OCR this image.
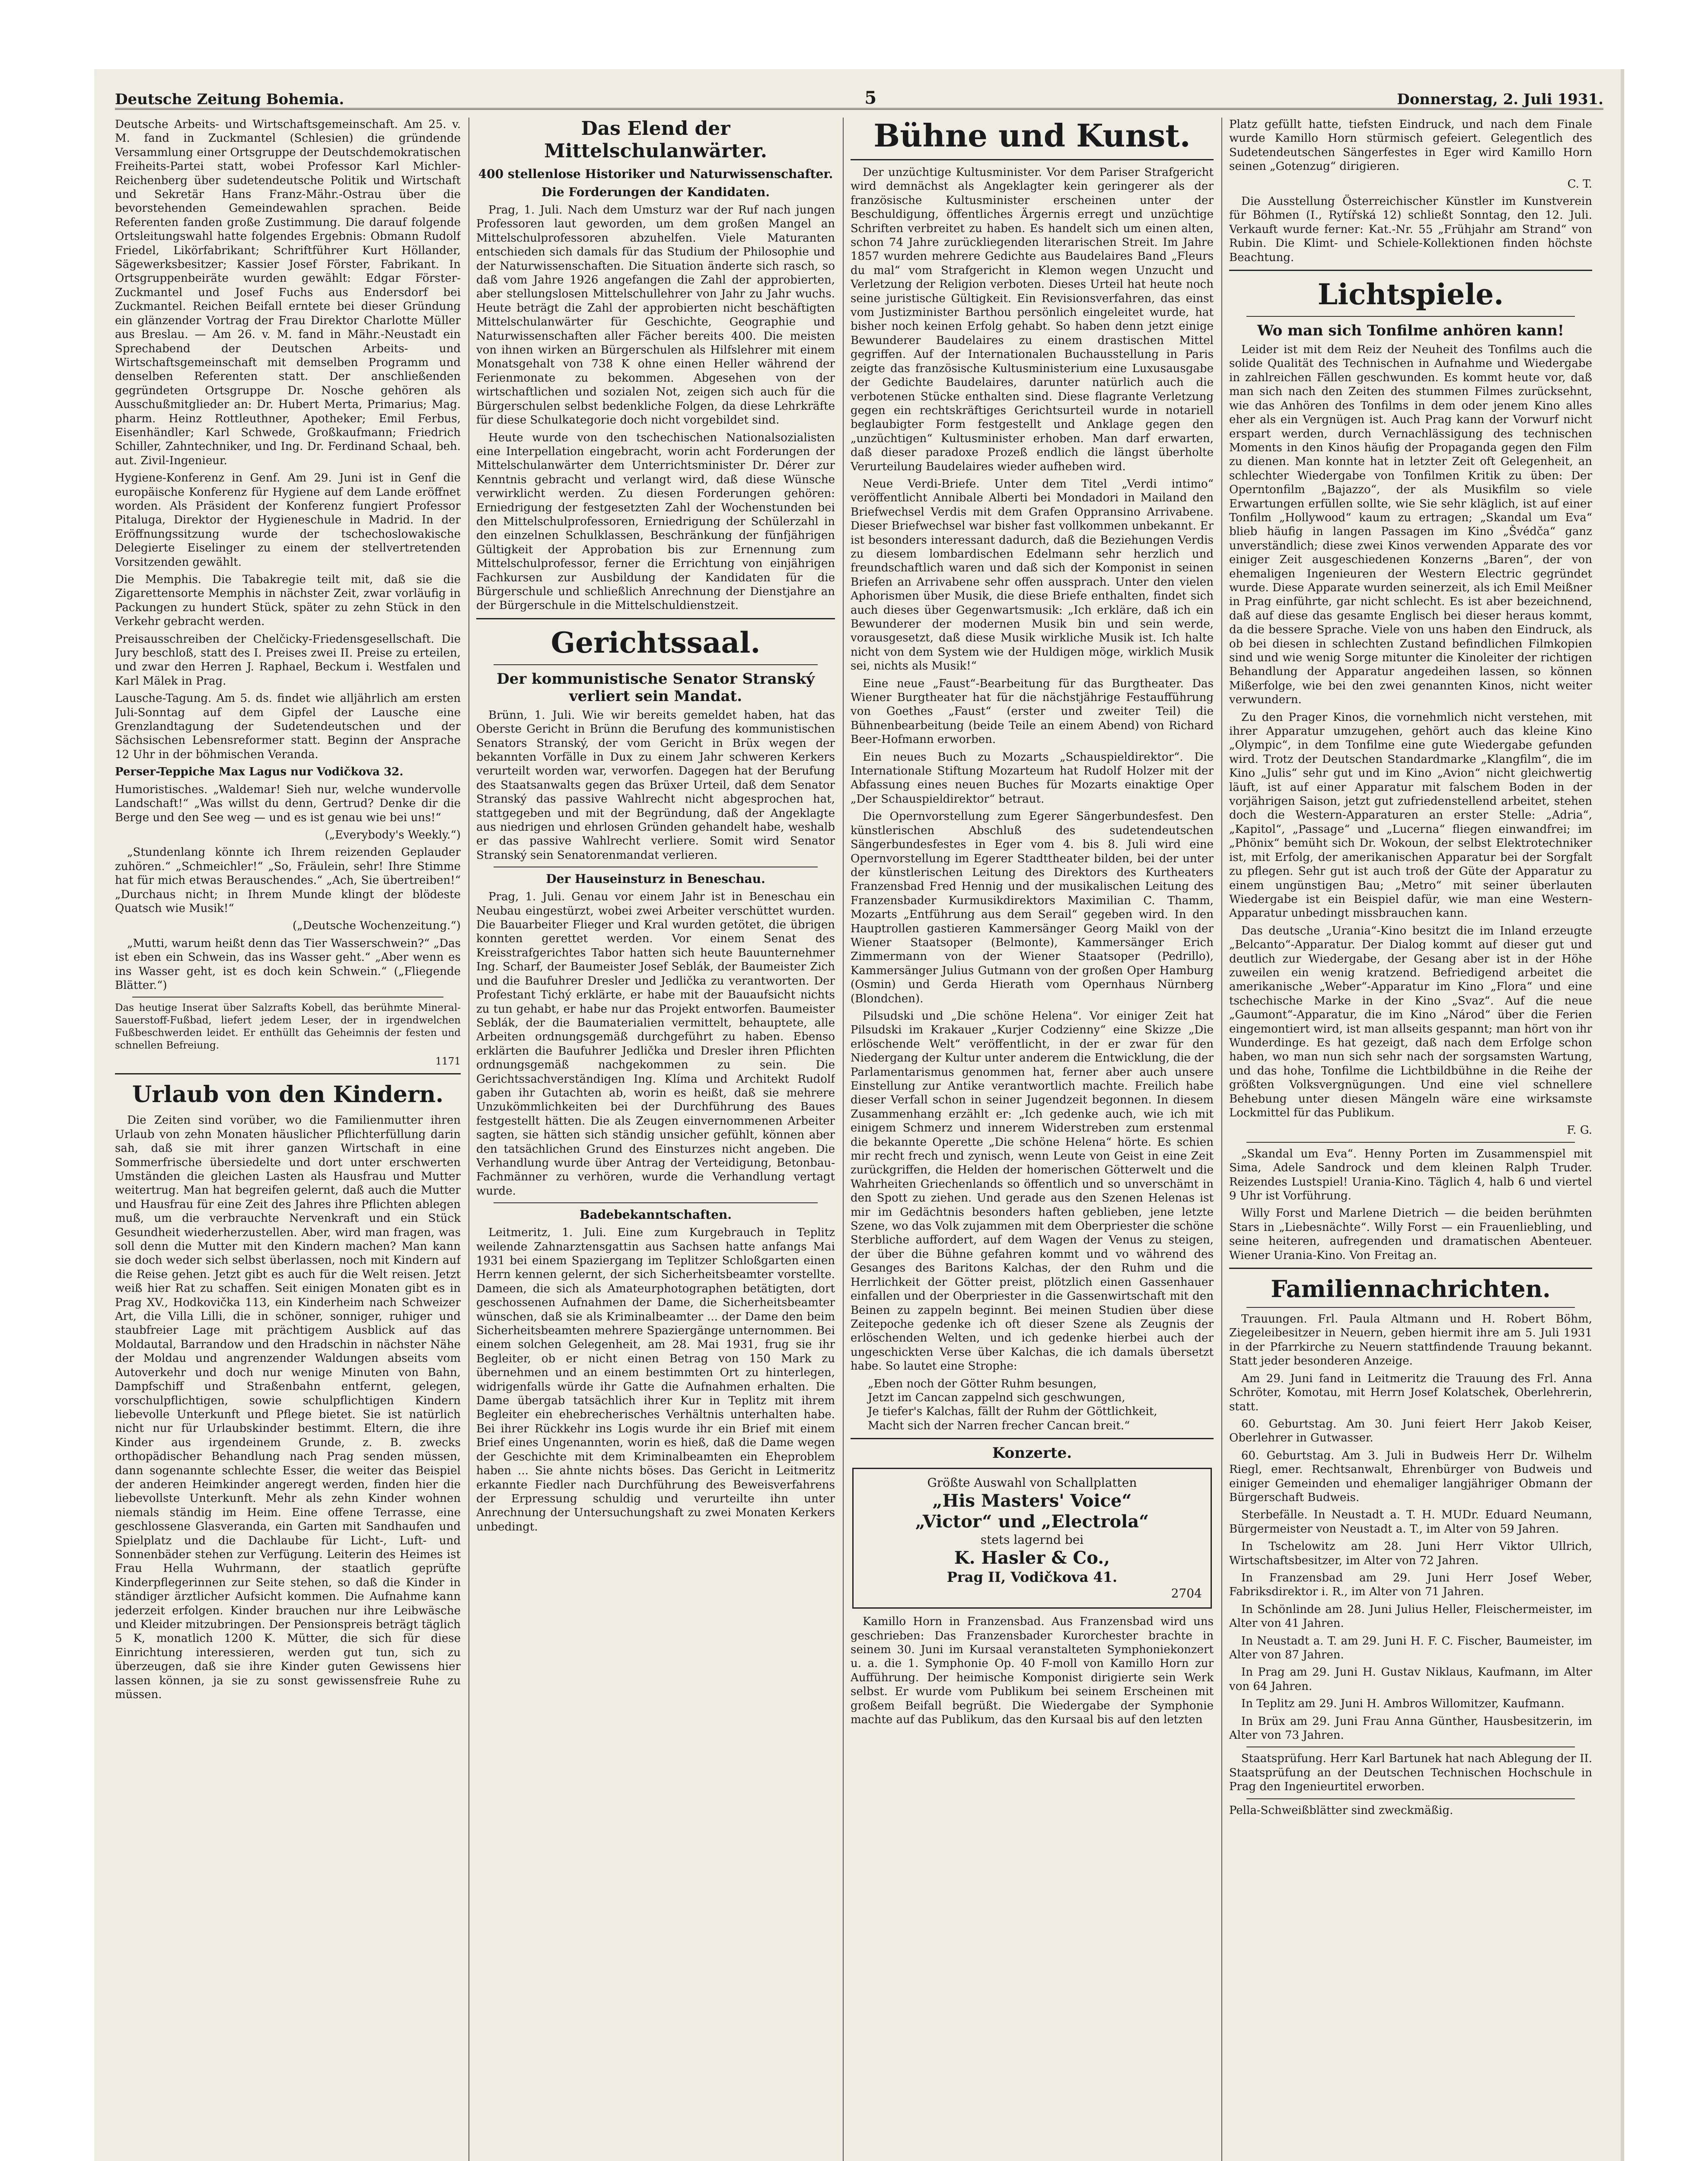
Deutsche Zeitung Bohemia.	5	Donnerstag, 2. Juli 1931.

Deutsche Arbeits- und Wirtschaftsgemeinschaft. Am 25. v. M. fand in Zuckmantel (Schlesien) die gründende Versammlung einer Ortsgruppe der Deutschdemokratischen Freiheits-Partei statt, wobei Professor Karl Michler-Reichenberg über sudetendeutsche Politik und Wirtschaft und Sekretär Hans Franz-Mähr.-Ostrau über die bevorstehenden Gemeindewahlen sprachen. Beide Referenten fanden große Zustimmung. Die darauf folgende Ortsleitungswahl hatte folgendes Ergebnis: Obmann Rudolf Friedel, Likörfabrikant; Schriftführer Kurt Höllander, Sägewerksbesitzer; Kassier Josef Förster, Fabrikant. In Ortsgruppenbeiräte wurden gewählt: Edgar Förster-Zuckmantel und Josef Fuchs aus Endersdorf bei Zuckmantel. Reichen Beifall erntete bei dieser Gründung ein glänzender Vortrag der Frau Direktor Charlotte Müller aus Breslau. — Am 26. v. M. fand in Mähr.-Neustadt ein Sprechabend der Deutschen Arbeits- und Wirtschaftsgemeinschaft mit demselben Programm und denselben Referenten statt. Der anschließenden gegründeten Ortsgruppe Dr. Nosche gehören als Ausschußmitglieder an: Dr. Hubert Merta, Primarius; Mag. pharm. Heinz Rottleuthner, Apotheker; Emil Ferbus, Eisenhändler; Karl Schwede, Großkaufmann; Friedrich Schiller, Zahntechniker, und Ing. Dr. Ferdinand Schaal, beh. aut. Zivil-Ingenieur.

Hygiene-Konferenz in Genf. Am 29. Juni ist in Genf die europäische Konferenz für Hygiene auf dem Lande eröffnet worden. Als Präsident der Konferenz fungiert Professor Pitaluga, Direktor der Hygieneschule in Madrid. In der Eröffnungssitzung wurde der tschechoslowakische Delegierte Eiselinger zu einem der stellvertretenden Vorsitzenden gewählt.

Die Memphis. Die Tabakregie teilt mit, daß sie die Zigarettensorte Memphis in nächster Zeit, zwar vorläufig in Packungen zu hundert Stück, später zu zehn Stück in den Verkehr gebracht werden.

Preisausschreiben der Chelčicky-Friedensgesellschaft. Die Jury beschloß, statt des I. Preises zwei II. Preise zu erteilen, und zwar den Herren J. Raphael, Beckum i. Westfalen und Karl Mälek in Prag.

Lausche-Tagung. Am 5. ds. findet wie alljährlich am ersten Juli-Sonntag auf dem Gipfel der Lausche eine Grenzlandtagung der Sudetendeutschen und der Sächsischen Lebensreformer statt. Beginn der Ansprache 12 Uhr in der böhmischen Veranda.

Perser-Teppiche Max Lagus nur Vodičkova 32.

Humoristisches. „Waldemar! Sieh nur, welche wundervolle Landschaft!“ „Was willst du denn, Gertrud? Denke dir die Berge und den See weg — und es ist genau wie bei uns!“

(„Everybody's Weekly.“)

„Stundenlang könnte ich Ihrem reizenden Geplauder zuhören.“ „Schmeichler!“ „So, Fräulein, sehr! Ihre Stimme hat für mich etwas Berauschendes.“ „Ach, Sie übertreiben!“ „Durchaus nicht; in Ihrem Munde klingt der blödeste Quatsch wie Musik!“

(„Deutsche Wochenzeitung.“)

„Mutti, warum heißt denn das Tier Wasserschwein?“ „Das ist eben ein Schwein, das ins Wasser geht.“ „Aber wenn es ins Wasser geht, ist es doch kein Schwein.“ („Fliegende Blätter.“)

Das heutige Inserat über Salzrafts Kobell, das berühmte Mineral-Sauerstoff-Fußbad, liefert jedem Leser, der in irgendwelchen Fußbeschwerden leidet. Er enthüllt das Geheimnis der festen und schnellen Befreiung.

1171

Urlaub von den Kindern.

Die Zeiten sind vorüber, wo die Familienmutter ihren Urlaub von zehn Monaten häuslicher Pflichterfüllung darin sah, daß sie mit ihrer ganzen Wirtschaft in eine Sommerfrische übersiedelte und dort unter erschwerten Umständen die gleichen Lasten als Hausfrau und Mutter weitertrug. Man hat begreifen gelernt, daß auch die Mutter und Hausfrau für eine Zeit des Jahres ihre Pflichten ablegen muß, um die verbrauchte Nervenkraft und ein Stück Gesundheit wiederherzustellen. Aber, wird man fragen, was soll denn die Mutter mit den Kindern machen? Man kann sie doch weder sich selbst überlassen, noch mit Kindern auf die Reise gehen. Jetzt gibt es auch für die Welt reisen. Jetzt weiß hier Rat zu schaffen. Seit einigen Monaten gibt es in Prag XV., Hodkovička 113, ein Kinderheim nach Schweizer Art, die Villa Lilli, die in schöner, sonniger, ruhiger und staubfreier Lage mit prächtigem Ausblick auf das Moldautal, Barrandow und den Hradschin in nächster Nähe der Moldau und angrenzender Waldungen abseits vom Autoverkehr und doch nur wenige Minuten von Bahn, Dampfschiff und Straßenbahn entfernt, gelegen, vorschulpflichtigen, sowie schulpflichtigen Kindern liebevolle Unterkunft und Pflege bietet. Sie ist natürlich nicht nur für Urlaubskinder bestimmt. Eltern, die ihre Kinder aus irgendeinem Grunde, z. B. zwecks orthopädischer Behandlung nach Prag senden müssen, dann sogenannte schlechte Esser, die weiter das Beispiel der anderen Heimkinder angeregt werden, finden hier die liebevollste Unterkunft. Mehr als zehn Kinder wohnen niemals ständig im Heim. Eine offene Terrasse, eine geschlossene Glasveranda, ein Garten mit Sandhaufen und Spielplatz und die Dachlaube für Licht-, Luft- und Sonnenbäder stehen zur Verfügung. Leiterin des Heimes ist Frau Hella Wuhrmann, der staatlich geprüfte Kinderpflegerinnen zur Seite stehen, so daß die Kinder in ständiger ärztlicher Aufsicht kommen. Die Aufnahme kann jederzeit erfolgen. Kinder brauchen nur ihre Leibwäsche und Kleider mitzubringen. Der Pensionspreis beträgt täglich 5 K, monatlich 1200 K. Mütter, die sich für diese Einrichtung interessieren, werden gut tun, sich zu überzeugen, daß sie ihre Kinder guten Gewissens hier lassen können, ja sie zu sonst gewissensfreie Ruhe zu müssen.

Das Elend der Mittelschulanwärter.
400 stellenlose Historiker und Naturwissenschafter.
Die Forderungen der Kandidaten.

Prag, 1. Juli. Nach dem Umsturz war der Ruf nach jungen Professoren laut geworden, um dem großen Mangel an Mittelschulprofessoren abzuhelfen. Viele Maturanten entschieden sich damals für das Studium der Philosophie und der Naturwissenschaften. Die Situation änderte sich rasch, so daß vom Jahre 1926 angefangen die Zahl der approbierten, aber stellungslosen Mittelschullehrer von Jahr zu Jahr wuchs. Heute beträgt die Zahl der approbierten nicht beschäftigten Mittelschulanwärter für Geschichte, Geographie und Naturwissenschaften aller Fächer bereits 400. Die meisten von ihnen wirken an Bürgerschulen als Hilfslehrer mit einem Monatsgehalt von 738 K ohne einen Heller während der Ferienmonate zu bekommen. Abgesehen von der wirtschaftlichen und sozialen Not, zeigen sich auch für die Bürgerschulen selbst bedenkliche Folgen, da diese Lehrkräfte für diese Schulkategorie doch nicht vorgebildet sind.

Heute wurde von den tschechischen Nationalsozialisten eine Interpellation eingebracht, worin acht Forderungen der Mittelschulanwärter dem Unterrichtsminister Dr. Dérer zur Kenntnis gebracht und verlangt wird, daß diese Wünsche verwirklicht werden. Zu diesen Forderungen gehören: Erniedrigung der festgesetzten Zahl der Wochenstunden bei den Mittelschulprofessoren, Erniedrigung der Schülerzahl in den einzelnen Schulklassen, Beschränkung der fünfjährigen Gültigkeit der Approbation bis zur Ernennung zum Mittelschulprofessor, ferner die Errichtung von einjährigen Fachkursen zur Ausbildung der Kandidaten für die Bürgerschule und schließlich Anrechnung der Dienstjahre an der Bürgerschule in die Mittelschuldienstzeit.

Gerichtssaal.
Der kommunistische Senator Stranský verliert sein Mandat.

Brünn, 1. Juli. Wie wir bereits gemeldet haben, hat das Oberste Gericht in Brünn die Berufung des kommunistischen Senators Stranský, der vom Gericht in Brüx wegen der bekannten Vorfälle in Dux zu einem Jahr schweren Kerkers verurteilt worden war, verworfen. Dagegen hat der Berufung des Staatsanwalts gegen das Brüxer Urteil, daß dem Senator Stranský das passive Wahlrecht nicht abgesprochen hat, stattgegeben und mit der Begründung, daß der Angeklagte aus niedrigen und ehrlosen Gründen gehandelt habe, weshalb er das passive Wahlrecht verliere. Somit wird Senator Stranský sein Senatorenmandat verlieren.

Der Hauseinsturz in Beneschau.

Prag, 1. Juli. Genau vor einem Jahr ist in Beneschau ein Neubau eingestürzt, wobei zwei Arbeiter verschüttet wurden. Die Bauarbeiter Flieger und Kral wurden getötet, die übrigen konnten gerettet werden. Vor einem Senat des Kreisstrafgerichtes Tabor hatten sich heute Bauunternehmer Ing. Scharf, der Baumeister Josef Seblák, der Baumeister Zich und die Baufuhrer Dresler und Jedlička zu verantworten. Der Profestant Tichý erklärte, er habe mit der Bauaufsicht nichts zu tun gehabt, er habe nur das Projekt entworfen. Baumeister Seblák, der die Baumaterialien vermittelt, behauptete, alle Arbeiten ordnungsgemäß durchgeführt zu haben. Ebenso erklärten die Baufuhrer Jedlička und Dresler ihren Pflichten ordnungsgemäß nachgekommen zu sein. Die Gerichtssachverständigen Ing. Klíma und Architekt Rudolf gaben ihr Gutachten ab, worin es heißt, daß sie mehrere Unzukömmlichkeiten bei der Durchführung des Baues festgestellt hätten. Die als Zeugen einvernommenen Arbeiter sagten, sie hätten sich ständig unsicher gefühlt, können aber den tatsächlichen Grund des Einsturzes nicht angeben. Die Verhandlung wurde über Antrag der Verteidigung, Betonbau-Fachmänner zu verhören, wurde die Verhandlung vertagt wurde.

Badebekanntschaften.

Leitmeritz, 1. Juli. Eine zum Kurgebrauch in Teplitz weilende Zahnarztensgattin aus Sachsen hatte anfangs Mai 1931 bei einem Spaziergang im Teplitzer Schloßgarten einen Herrn kennen gelernt, der sich Sicherheitsbeamter vorstellte. Dameen, die sich als Amateurphotographen betätigten, dort geschossenen Aufnahmen der Dame, die Sicherheitsbeamter wünschen, daß sie als Kriminalbeamter ... der Dame den beim Sicherheitsbeamten mehrere Spaziergänge unternommen. Bei einem solchen Gelegenheit, am 28. Mai 1931, frug sie ihr Begleiter, ob er nicht einen Betrag von 150 Mark zu übernehmen und an einem bestimmten Ort zu hinterlegen, widrigenfalls würde ihr Gatte die Aufnahmen erhalten. Die Dame übergab tatsächlich ihrer Kur in Teplitz mit ihrem Begleiter ein ehebrecherisches Verhältnis unterhalten habe. Bei ihrer Rückkehr ins Logis wurde ihr ein Brief mit einem Brief eines Ungenannten, worin es hieß, daß die Dame wegen der Geschichte mit dem Kriminalbeamten ein Eheproblem haben ... Sie ahnte nichts böses. Das Gericht in Leitmeritz erkannte Fiedler nach Durchführung des Beweisverfahrens der Erpressung schuldig und verurteilte ihn unter Anrechnung der Untersuchungshaft zu zwei Monaten Kerkers unbedingt.

Bühne und Kunst.

Der unzüchtige Kultusminister. Vor dem Pariser Strafgericht wird demnächst als Angeklagter kein geringerer als der französische Kultusminister erscheinen unter der Beschuldigung, öffentliches Ärgernis erregt und unzüchtige Schriften verbreitet zu haben. Es handelt sich um einen alten, schon 74 Jahre zurückliegenden literarischen Streit. Im Jahre 1857 wurden mehrere Gedichte aus Baudelaires Band „Fleurs du mal“ vom Strafgericht in Klemon wegen Unzucht und Verletzung der Religion verboten. Dieses Urteil hat heute noch seine juristische Gültigkeit. Ein Revisionsverfahren, das einst vom Justizminister Barthou persönlich eingeleitet wurde, hat bisher noch keinen Erfolg gehabt. So haben denn jetzt einige Bewunderer Baudelaires zu einem drastischen Mittel gegriffen. Auf der Internationalen Buchausstellung in Paris zeigte das französische Kultusministerium eine Luxusausgabe der Gedichte Baudelaires, darunter natürlich auch die verbotenen Stücke enthalten sind. Diese flagrante Verletzung gegen ein rechtskräftiges Gerichtsurteil wurde in notariell beglaubigter Form festgestellt und Anklage gegen den „unzüchtigen“ Kultusminister erhoben. Man darf erwarten, daß dieser paradoxe Prozeß endlich die längst überholte Verurteilung Baudelaires wieder aufheben wird.

Neue Verdi-Briefe. Unter dem Titel „Verdi intimo“ veröffentlicht Annibale Alberti bei Mondadori in Mailand den Briefwechsel Verdis mit dem Grafen Oppransino Arrivabene. Dieser Briefwechsel war bisher fast vollkommen unbekannt. Er ist besonders interessant dadurch, daß die Beziehungen Verdis zu diesem lombardischen Edelmann sehr herzlich und freundschaftlich waren und daß sich der Komponist in seinen Briefen an Arrivabene sehr offen aussprach. Unter den vielen Aphorismen über Musik, die diese Briefe enthalten, findet sich auch dieses über Gegenwartsmusik: „Ich erkläre, daß ich ein Bewunderer der modernen Musik bin und sein werde, vorausgesetzt, daß diese Musik wirkliche Musik ist. Ich halte nicht von dem System wie der Huldigen möge, wirklich Musik sei, nichts als Musik!“

Eine neue „Faust“-Bearbeitung für das Burgtheater. Das Wiener Burgtheater hat für die nächstjährige Festaufführung von Goethes „Faust“ (erster und zweiter Teil) die Bühnenbearbeitung (beide Teile an einem Abend) von Richard Beer-Hofmann erworben.

Ein neues Buch zu Mozarts „Schauspieldirektor“. Die Internationale Stiftung Mozarteum hat Rudolf Holzer mit der Abfassung eines neuen Buches für Mozarts einaktige Oper „Der Schauspieldirektor“ betraut.

Die Opernvorstellung zum Egerer Sängerbundesfest. Den künstlerischen Abschluß des sudetendeutschen Sängerbundesfestes in Eger vom 4. bis 8. Juli wird eine Opernvorstellung im Egerer Stadttheater bilden, bei der unter der künstlerischen Leitung des Direktors des Kurtheaters Franzensbad Fred Hennig und der musikalischen Leitung des Franzensbader Kurmusikdirektors Maximilian C. Thamm, Mozarts „Entführung aus dem Serail“ gegeben wird. In den Hauptrollen gastieren Kammersänger Georg Maikl von der Wiener Staatsoper (Belmonte), Kammersänger Erich Zimmermann von der Wiener Staatsoper (Pedrillo), Kammersänger Julius Gutmann von der großen Oper Hamburg (Osmin) und Gerda Hierath vom Opernhaus Nürnberg (Blondchen).

Pilsudski und „Die schöne Helena“. Vor einiger Zeit hat Pilsudski im Krakauer „Kurjer Codzienny“ eine Skizze „Die erlöschende Welt“ veröffentlicht, in der er zwar für den Niedergang der Kultur unter anderem die Entwicklung, die der Parlamentarismus genommen hat, ferner aber auch unsere Einstellung zur Antike verantwortlich machte. Freilich habe dieser Verfall schon in seiner Jugendzeit begonnen. In diesem Zusammenhang erzählt er: „Ich gedenke auch, wie ich mit einigem Schmerz und innerem Widerstreben zum erstenmal die bekannte Operette „Die schöne Helena“ hörte. Es schien mir recht frech und zynisch, wenn Leute von Geist in eine Zeit zurückgriffen, die Helden der homerischen Götterwelt und die Wahrheiten Griechenlands so öffentlich und so unverschämt in den Spott zu ziehen. Und gerade aus den Szenen Helenas ist mir im Gedächtnis besonders haften geblieben, jene letzte Szene, wo das Volk zujammen mit dem Oberpriester die schöne Sterbliche auffordert, auf dem Wagen der Venus zu steigen, der über die Bühne gefahren kommt und vo während des Gesanges des Baritons Kalchas, der den Ruhm und die Herrlichkeit der Götter preist, plötzlich einen Gassenhauer einfallen und der Oberpriester in die Gassenwirtschaft mit den Beinen zu zappeln beginnt. Bei meinen Studien über diese Zeitepoche gedenke ich oft dieser Szene als Zeugnis der erlöschenden Welten, und ich gedenke hierbei auch der ungeschickten Verse über Kalchas, die ich damals übersetzt habe. So lautet eine Strophe:

„Eben noch der Götter Ruhm besungen,
Jetzt im Cancan zappelnd sich geschwungen,
Je tiefer's Kalchas, fällt der Ruhm der Göttlichkeit,
Macht sich der Narren frecher Cancan breit.“

Konzerte.
Größte Auswahl von Schallplatten
„His Masters' Voice“
„Victor“ und „Electrola“
stets lagernd bei
K. Hasler & Co.,
Prag II, Vodičkova 41.
2704

Kamillo Horn in Franzensbad. Aus Franzensbad wird uns geschrieben: Das Franzensbader Kurorchester brachte in seinem 30. Juni im Kursaal veranstalteten Symphoniekonzert u. a. die 1. Symphonie Op. 40 F-moll von Kamillo Horn zur Aufführung. Der heimische Komponist dirigierte sein Werk selbst. Er wurde vom Publikum bei seinem Erscheinen mit großem Beifall begrüßt. Die Wiedergabe der Symphonie machte auf das Publikum, das den Kursaal bis auf den letzten

Platz gefüllt hatte, tiefsten Eindruck, und nach dem Finale wurde Kamillo Horn stürmisch gefeiert. Gelegentlich des Sudetendeutschen Sängerfestes in Eger wird Kamillo Horn seinen „Gotenzug“ dirigieren.

C. T.

Die Ausstellung Österreichischer Künstler im Kunstverein für Böhmen (I., Rytířská 12) schließt Sonntag, den 12. Juli. Verkauft wurde ferner: Kat.-Nr. 55 „Frühjahr am Strand“ von Rubin. Die Klimt- und Schiele-Kollektionen finden höchste Beachtung.

Lichtspiele.
Wo man sich Tonfilme anhören kann!

Leider ist mit dem Reiz der Neuheit des Tonfilms auch die solide Qualität des Technischen in Aufnahme und Wiedergabe in zahlreichen Fällen geschwunden. Es kommt heute vor, daß man sich nach den Zeiten des stummen Filmes zurücksehnt, wie das Anhören des Tonfilms in dem oder jenem Kino alles eher als ein Vergnügen ist. Auch Prag kann der Vorwurf nicht erspart werden, durch Vernachlässigung des technischen Moments in den Kinos häufig der Propaganda gegen den Film zu dienen. Man konnte hat in letzter Zeit oft Gelegenheit, an schlechter Wiedergabe von Tonfilmen Kritik zu üben: Der Operntonfilm „Bajazzo“, der als Musikfilm so viele Erwartungen erfüllen sollte, wie Sie sehr kläglich, ist auf einer Tonfilm „Hollywood“ kaum zu ertragen; „Skandal um Eva“ blieb häufig in langen Passagen im Kino „Švédča“ ganz unverständlich; diese zwei Kinos verwenden Apparate des vor einiger Zeit ausgeschiedenen Konzerns „Baren“, der von ehemaligen Ingenieuren der Western Electric gegründet wurde. Diese Apparate wurden seinerzeit, als ich Emil Meißner in Prag einführte, gar nicht schlecht. Es ist aber bezeichnend, daß auf diese das gesamte Englisch bei dieser heraus kommt, da die bessere Sprache. Viele von uns haben den Eindruck, als ob bei diesen in schlechten Zustand befindlichen Filmkopien sind und wie wenig Sorge mitunter die Kinoleiter der richtigen Behandlung der Apparatur angedeihen lassen, so können Mißerfolge, wie bei den zwei genannten Kinos, nicht weiter verwundern.

Zu den Prager Kinos, die vornehmlich nicht verstehen, mit ihrer Apparatur umzugehen, gehört auch das kleine Kino „Olympic“, in dem Tonfilme eine gute Wiedergabe gefunden wird. Trotz der Deutschen Standardmarke „Klangfilm“, die im Kino „Julis“ sehr gut und im Kino „Avion“ nicht gleichwertig läuft, ist auf einer Apparatur mit falschem Boden in der vorjährigen Saison, jetzt gut zufriedenstellend arbeitet, stehen doch die Western-Apparaturen an erster Stelle: „Adria“, „Kapitol“, „Passage“ und „Lucerna“ fliegen einwandfrei; im „Phönix“ bemüht sich Dr. Wokoun, der selbst Elektrotechniker ist, mit Erfolg, der amerikanischen Apparatur bei der Sorgfalt zu pflegen. Sehr gut ist auch troß der Güte der Apparatur zu einem ungünstigen Bau; „Metro“ mit seiner überlauten Wiedergabe ist ein Beispiel dafür, wie man eine Western-Apparatur unbedingt missbrauchen kann.

Das deutsche „Urania“-Kino besitzt die im Inland erzeugte „Belcanto“-Apparatur. Der Dialog kommt auf dieser gut und deutlich zur Wiedergabe, der Gesang aber ist in der Höhe zuweilen ein wenig kratzend. Befriedigend arbeitet die amerikanische „Weber“-Apparatur im Kino „Flora“ und eine tschechische Marke in der Kino „Svaz“. Auf die neue „Gaumont“-Apparatur, die im Kino „Národ“ über die Ferien eingemontiert wird, ist man allseits gespannt; man hört von ihr Wunderdinge. Es hat gezeigt, daß nach dem Erfolge schon haben, wo man nun sich sehr nach der sorgsamsten Wartung, und das hohe, Tonfilme die Lichtbildbühne in die Reihe der größten Volksvergnügungen. Und eine viel schnellere Behebung unter diesen Mängeln wäre eine wirksamste Lockmittel für das Publikum.

F. G.

„Skandal um Eva“. Henny Porten im Zusammenspiel mit Sima, Adele Sandrock und dem kleinen Ralph Truder. Reizendes Lustspiel! Urania-Kino. Täglich 4, halb 6 und viertel 9 Uhr ist Vorführung.

Willy Forst und Marlene Dietrich — die beiden berühmten Stars in „Liebesnächte“. Willy Forst — ein Frauenliebling, und seine heiteren, aufregenden und dramatischen Abenteuer. Wiener Urania-Kino. Von Freitag an.

Familiennachrichten.

Trauungen. Frl. Paula Altmann und H. Robert Böhm, Ziegeleibesitzer in Neuern, geben hiermit ihre am 5. Juli 1931 in der Pfarrkirche zu Neuern stattfindende Trauung bekannt. Statt jeder besonderen Anzeige.

Am 29. Juni fand in Leitmeritz die Trauung des Frl. Anna Schröter, Komotau, mit Herrn Josef Kolatschek, Oberlehrerin, statt.

60. Geburtstag. Am 30. Juni feiert Herr Jakob Keiser, Oberlehrer in Gutwasser.

60. Geburtstag. Am 3. Juli in Budweis Herr Dr. Wilhelm Riegl, emer. Rechtsanwalt, Ehrenbürger von Budweis und einiger Gemeinden und ehemaliger langjähriger Obmann der Bürgerschaft Budweis.

Sterbefälle. In Neustadt a. T. H. MUDr. Eduard Neumann, Bürgermeister von Neustadt a. T., im Alter von 59 Jahren.

In Tschelowitz am 28. Juni Herr Viktor Ullrich, Wirtschaftsbesitzer, im Alter von 72 Jahren.

In Franzensbad am 29. Juni Herr Josef Weber, Fabriksdirektor i. R., im Alter von 71 Jahren.

In Schönlinde am 28. Juni Julius Heller, Fleischermeister, im Alter von 41 Jahren.

In Neustadt a. T. am 29. Juni H. F. C. Fischer, Baumeister, im Alter von 87 Jahren.

In Prag am 29. Juni H. Gustav Niklaus, Kaufmann, im Alter von 64 Jahren.

In Teplitz am 29. Juni H. Ambros Willomitzer, Kaufmann.

In Brüx am 29. Juni Frau Anna Günther, Hausbesitzerin, im Alter von 73 Jahren.

Staatsprüfung. Herr Karl Bartunek hat nach Ablegung der II. Staatsprüfung an der Deutschen Technischen Hochschule in Prag den Ingenieurtitel erworben.

Pella-Schweißblätter sind zweckmäßig.
